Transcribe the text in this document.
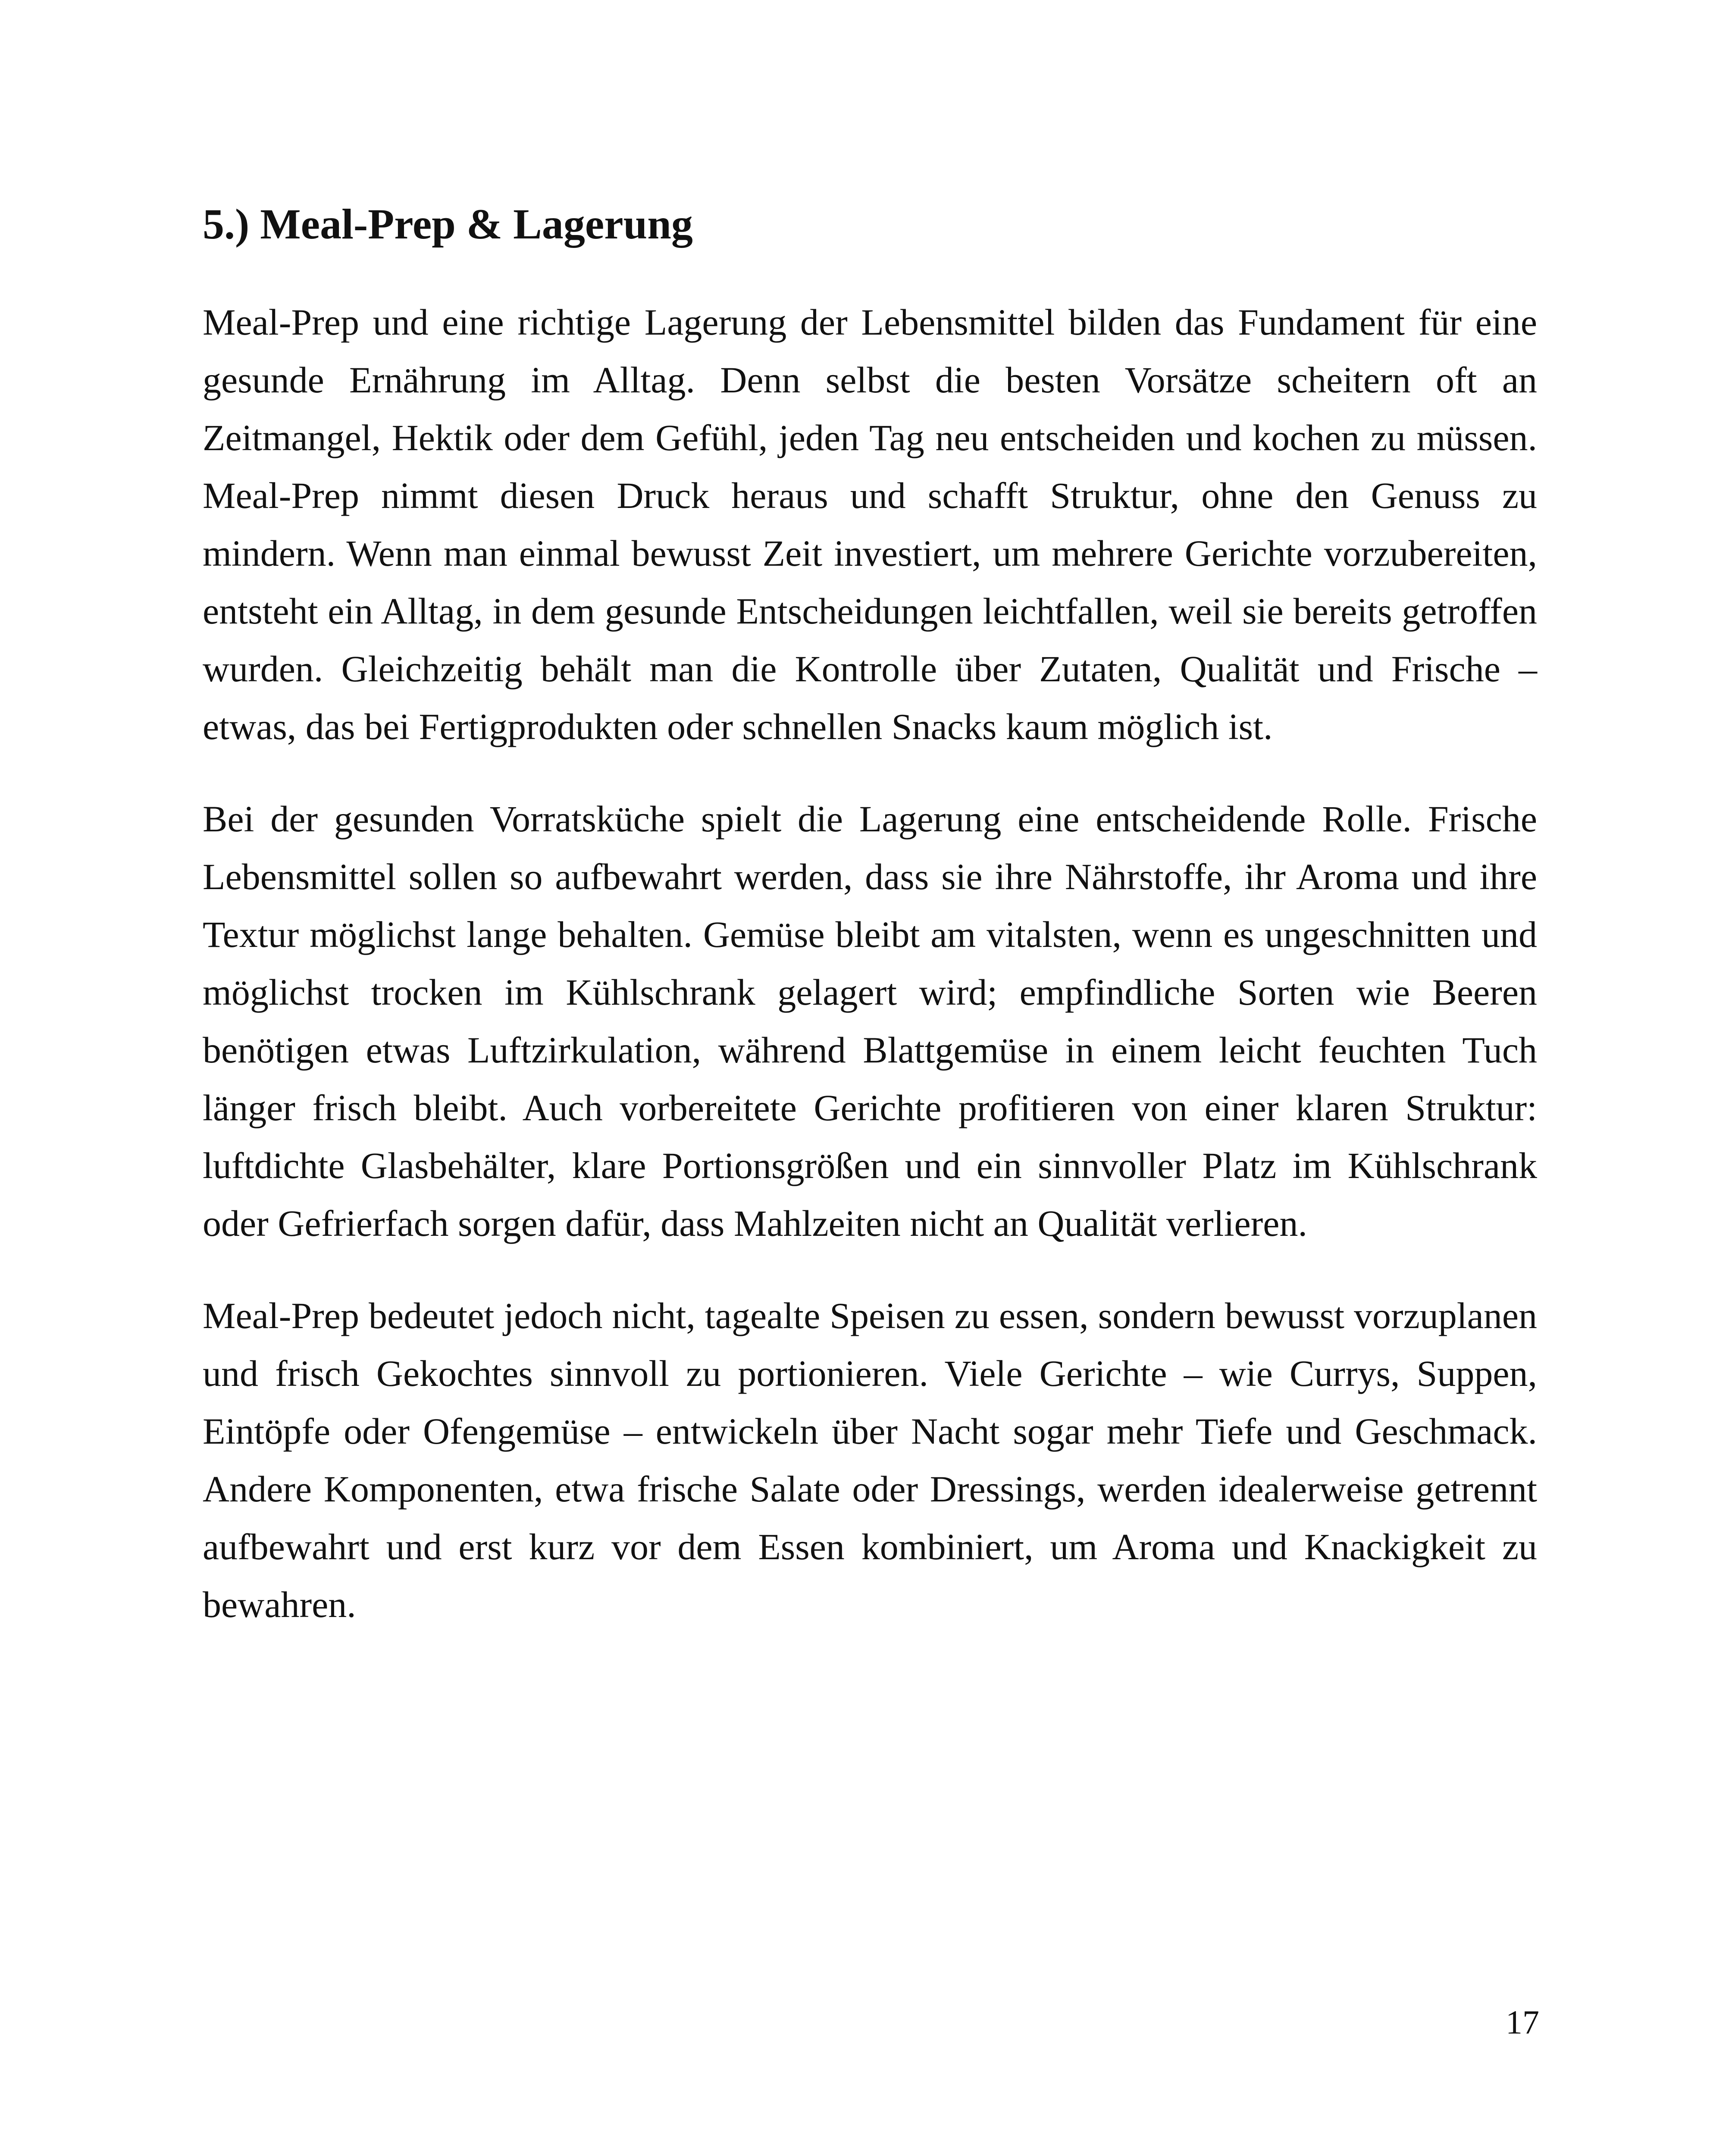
5.) Meal-Prep & Lagerung

Meal-Prep und eine richtige Lagerung der Lebensmittel bilden das Fundament für eine gesunde Ernährung im Alltag. Denn selbst die besten Vorsätze scheitern oft an Zeitmangel, Hektik oder dem Gefühl, jeden Tag neu entscheiden und kochen zu müssen. Meal-Prep nimmt diesen Druck heraus und schafft Struktur, ohne den Genuss zu mindern. Wenn man einmal bewusst Zeit investiert, um mehrere Gerichte vorzubereiten, entsteht ein Alltag, in dem gesunde Entscheidungen leichtfallen, weil sie bereits getroffen wurden. Gleichzeitig behält man die Kontrolle über Zutaten, Qualität und Frische – etwas, das bei Fertigprodukten oder schnellen Snacks kaum möglich ist.

Bei der gesunden Vorratsküche spielt die Lagerung eine entscheidende Rolle. Frische Lebensmittel sollen so aufbewahrt werden, dass sie ihre Nährstoffe, ihr Aroma und ihre Textur möglichst lange behalten. Gemüse bleibt am vitalsten, wenn es ungeschnitten und möglichst trocken im Kühlschrank gelagert wird; empfindliche Sorten wie Beeren benötigen etwas Luftzirkulation, während Blattgemüse in einem leicht feuchten Tuch länger frisch bleibt. Auch vorbereitete Gerichte profitieren von einer klaren Struktur: luftdichte Glasbehälter, klare Portionsgrößen und ein sinnvoller Platz im Kühlschrank oder Gefrierfach sorgen dafür, dass Mahlzeiten nicht an Qualität verlieren.

Meal-Prep bedeutet jedoch nicht, tagealte Speisen zu essen, sondern bewusst vorzuplanen und frisch Gekochtes sinnvoll zu portionieren. Viele Gerichte – wie Currys, Suppen, Eintöpfe oder Ofengemüse – entwickeln über Nacht sogar mehr Tiefe und Geschmack. Andere Komponenten, etwa frische Salate oder Dressings, werden idealerweise getrennt aufbewahrt und erst kurz vor dem Essen kombiniert, um Aroma und Knackigkeit zu bewahren.

17
